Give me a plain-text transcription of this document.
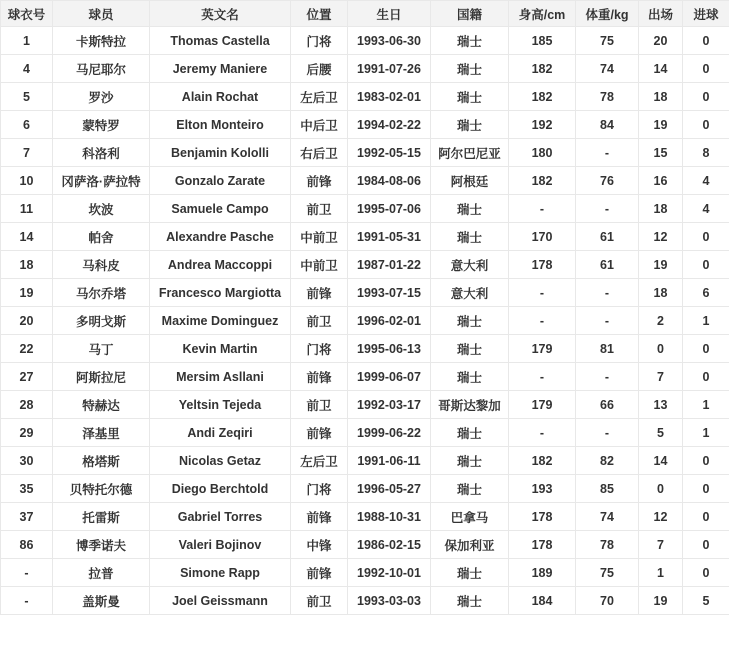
球衣号	球员	英文名	位置	生日	国籍	身高/cm	体重/kg	出场	进球
1	卡斯特拉	Thomas Castella	门将	1993-06-30	瑞士	185	75	20	0
4	马尼耶尔	Jeremy Maniere	后腰	1991-07-26	瑞士	182	74	14	0
5	罗沙	Alain Rochat	左后卫	1983-02-01	瑞士	182	78	18	0
6	蒙特罗	Elton Monteiro	中后卫	1994-02-22	瑞士	192	84	19	0
7	科洛利	Benjamin Kololli	右后卫	1992-05-15	阿尔巴尼亚	180	-	15	8
10	冈萨洛·萨拉特	Gonzalo Zarate	前锋	1984-08-06	阿根廷	182	76	16	4
11	坎波	Samuele Campo	前卫	1995-07-06	瑞士	-	-	18	4
14	帕舍	Alexandre Pasche	中前卫	1991-05-31	瑞士	170	61	12	0
18	马科皮	Andrea Maccoppi	中前卫	1987-01-22	意大利	178	61	19	0
19	马尔乔塔	Francesco Margiotta	前锋	1993-07-15	意大利	-	-	18	6
20	多明戈斯	Maxime Dominguez	前卫	1996-02-01	瑞士	-	-	2	1
22	马丁	Kevin Martin	门将	1995-06-13	瑞士	179	81	0	0
27	阿斯拉尼	Mersim Asllani	前锋	1999-06-07	瑞士	-	-	7	0
28	特赫达	Yeltsin Tejeda	前卫	1992-03-17	哥斯达黎加	179	66	13	1
29	泽基里	Andi Zeqiri	前锋	1999-06-22	瑞士	-	-	5	1
30	格塔斯	Nicolas Getaz	左后卫	1991-06-11	瑞士	182	82	14	0
35	贝特托尔德	Diego Berchtold	门将	1996-05-27	瑞士	193	85	0	0
37	托雷斯	Gabriel Torres	前锋	1988-10-31	巴拿马	178	74	12	0
86	博季诺夫	Valeri Bojinov	中锋	1986-02-15	保加利亚	178	78	7	0
-	拉普	Simone Rapp	前锋	1992-10-01	瑞士	189	75	1	0
-	盖斯曼	Joel Geissmann	前卫	1993-03-03	瑞士	184	70	19	5
